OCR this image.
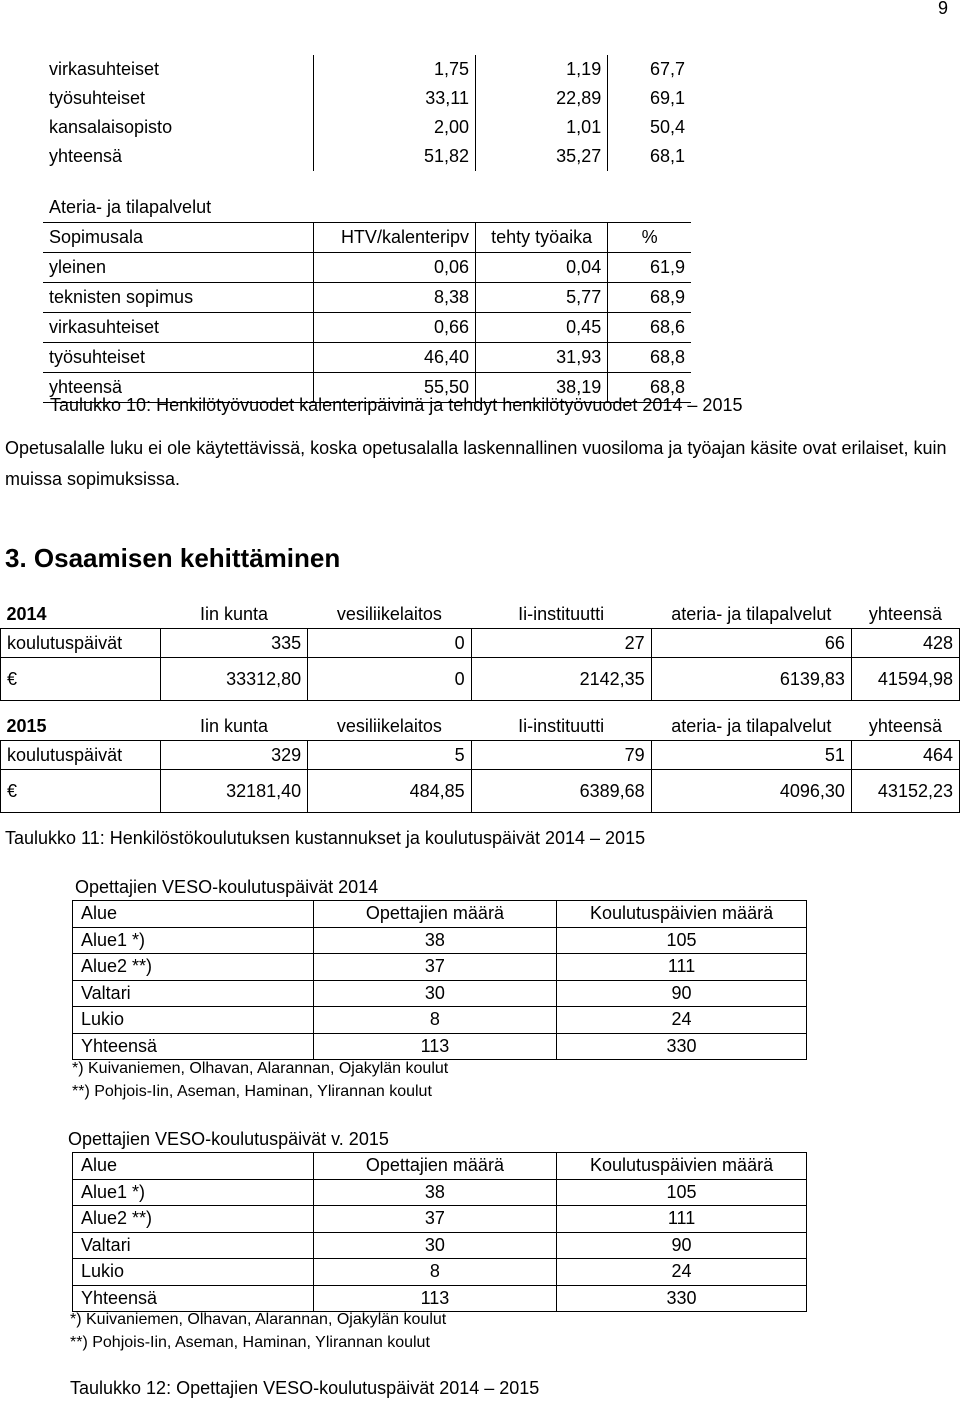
9
virkasuhteiset	1,75	1,19	67,7
työsuhteiset	33,11	22,89	69,1
kansalaisopisto	2,00	1,01	50,4
yhteensä	51,82	35,27	68,1

Ateria- ja tilapalvelut			
Sopimusala	HTV/kalenteripv	tehty työaika	%
yleinen	0,06	0,04	61,9
teknisten sopimus	8,38	5,77	68,9
virkasuhteiset	0,66	0,45	68,6
työsuhteiset	46,40	31,93	68,8
yhteensä	55,50	38,19	68,8
Taulukko 10: Henkilötyövuodet kalenteripäivinä ja tehdyt henkilötyövuodet 2014 – 2015
Opetusalalle luku ei ole käytettävissä, koska opetusalalla laskennallinen vuosiloma ja työajan käsite ovat erilaiset, kuin muissa sopimuksissa.
3. Osaamisen kehittäminen
2014	Iin kunta	vesiliikelaitos	Ii-instituutti	ateria- ja tilapalvelut	yhteensä
koulutuspäivät	335	0	27	66	428
€	33312,80	0	2142,35	6139,83	41594,98
2015	Iin kunta	vesiliikelaitos	Ii-instituutti	ateria- ja tilapalvelut	yhteensä
koulutuspäivät	329	5	79	51	464
€	32181,40	484,85	6389,68	4096,30	43152,23
Taulukko 11: Henkilöstökoulutuksen kustannukset ja koulutuspäivät 2014 – 2015
Opettajien VESO-koulutuspäivät 2014
Alue	Opettajien määrä	Koulutuspäivien määrä
Alue1 *)	38	105
Alue2 **)	37	111
Valtari	30	90
Lukio	8	24
Yhteensä	113	330
*) Kuivaniemen, Olhavan, Alarannan, Ojakylän koulut
**) Pohjois-Iin, Aseman, Haminan, Ylirannan koulut
Opettajien VESO-koulutuspäivät v. 2015
Alue	Opettajien määrä	Koulutuspäivien määrä
Alue1 *)	38	105
Alue2 **)	37	111
Valtari	30	90
Lukio	8	24
Yhteensä	113	330
*) Kuivaniemen, Olhavan, Alarannan, Ojakylän koulut
**) Pohjois-Iin, Aseman, Haminan, Ylirannan koulut
Taulukko 12: Opettajien VESO-koulutuspäivät 2014 – 2015
